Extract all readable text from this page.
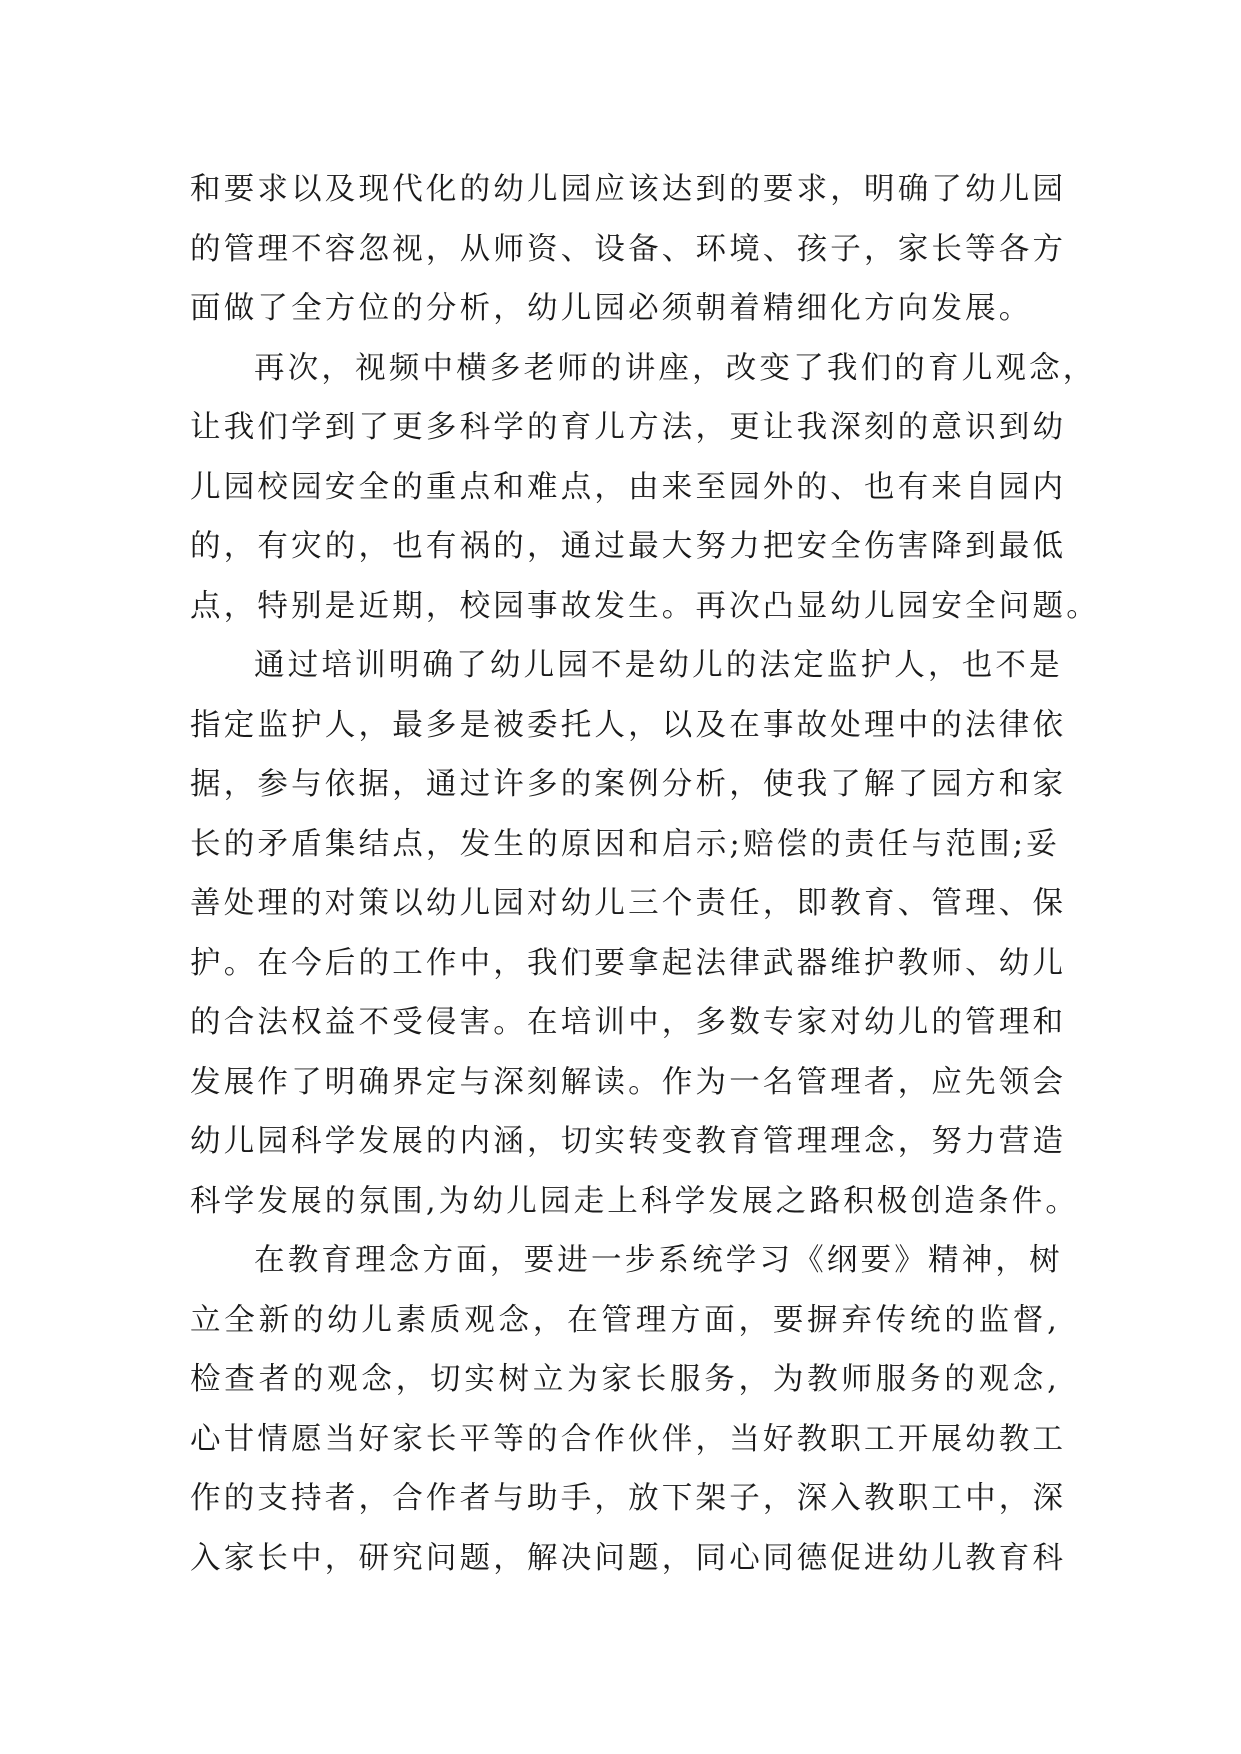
和要求以及现代化的幼儿园应该达到的要求，明确了幼儿园
的管理不容忽视，从师资、设备、环境、孩子，家长等各方
面做了全方位的分析，幼儿园必须朝着精细化方向发展。
再次，视频中横多老师的讲座，改变了我们的育儿观念，
让我们学到了更多科学的育儿方法，更让我深刻的意识到幼
儿园校园安全的重点和难点，由来至园外的、也有来自园内
的，有灾的，也有祸的，通过最大努力把安全伤害降到最低
点，特别是近期，校园事故发生。再次凸显幼儿园安全问题。
通过培训明确了幼儿园不是幼儿的法定监护人，也不是
指定监护人，最多是被委托人，以及在事故处理中的法律依
据，参与依据，通过许多的案例分析，使我了解了园方和家
长的矛盾集结点，发生的原因和启示;赔偿的责任与范围;妥
善处理的对策以幼儿园对幼儿三个责任，即教育、管理、保
护。在今后的工作中，我们要拿起法律武器维护教师、幼儿
的合法权益不受侵害。在培训中，多数专家对幼儿的管理和
发展作了明确界定与深刻解读。作为一名管理者，应先领会
幼儿园科学发展的内涵，切实转变教育管理理念，努力营造
科学发展的氛围,为幼儿园走上科学发展之路积极创造条件。
在教育理念方面，要进一步系统学习《纲要》精神，树
立全新的幼儿素质观念，在管理方面，要摒弃传统的监督,
检查者的观念，切实树立为家长服务，为教师服务的观念,
心甘情愿当好家长平等的合作伙伴，当好教职工开展幼教工
作的支持者，合作者与助手，放下架子，深入教职工中，深
入家长中，研究问题，解决问题，同心同德促进幼儿教育科
